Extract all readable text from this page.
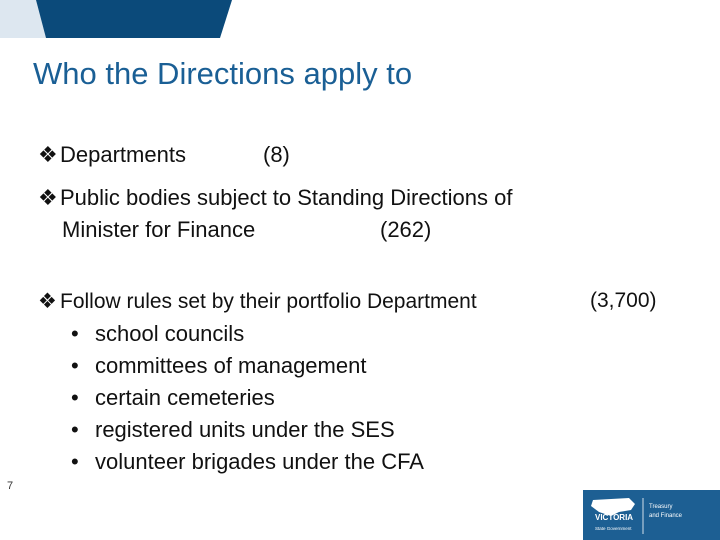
Who the Directions apply to
❖ Departments	(8)
❖ Public bodies subject to Standing Directions of
Minister for Finance	(262)
❖ Follow rules set by their portfolio Department	(3,700)
• school councils
• committees of management
• certain cemeteries
• registered units under the SES
• volunteer brigades under the CFA
7
VICTORIA
State Government
Treasury
and Finance
